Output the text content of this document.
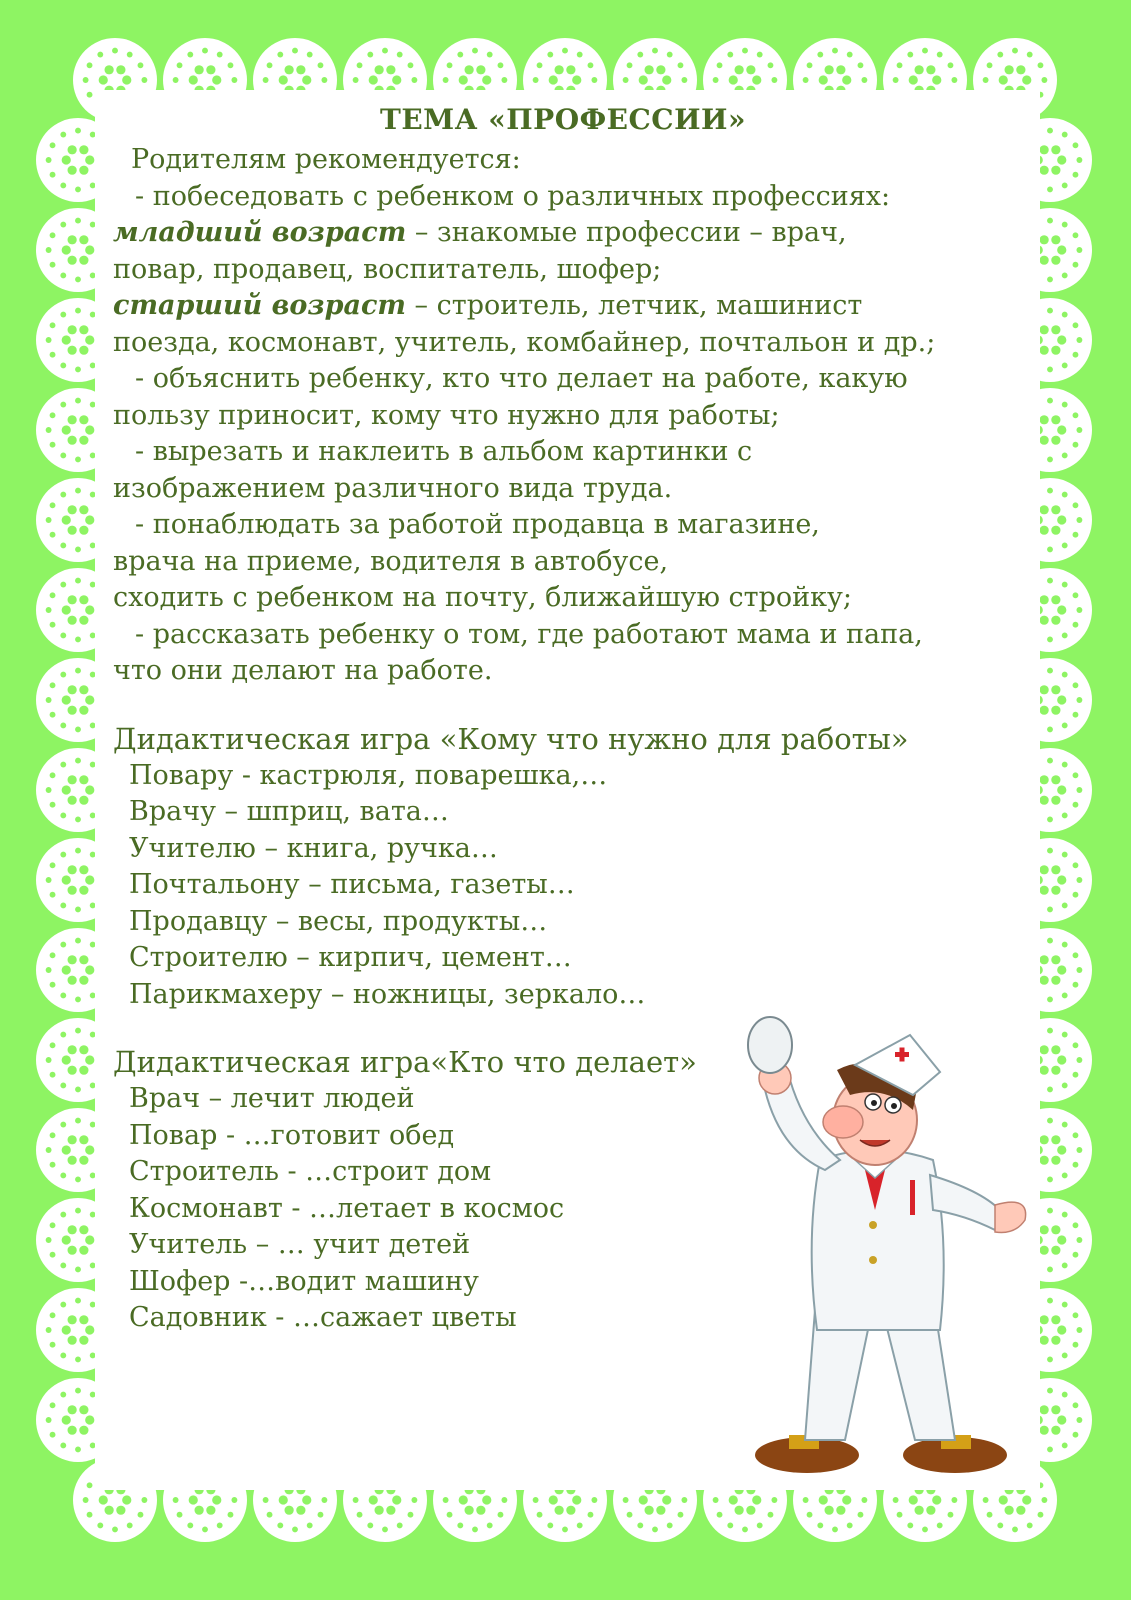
ТЕМА «ПРОФЕССИИ»

Родителям рекомендуется:

- побеседовать с ребенком о различных профессиях:

младший возраст – знакомые профессии – врач,

повар, продавец, воспитатель, шофер;

старший возраст – строитель, летчик, машинист

поезда, космонавт, учитель, комбайнер, почтальон и др.;

- объяснить ребенку, кто что делает на работе, какую

пользу приносит, кому что нужно для работы;

- вырезать и наклеить в альбом картинки с

изображением различного вида труда.

- понаблюдать за работой продавца в магазине,

врача на приеме, водителя в автобусе,

сходить с ребенком на почту, ближайшую стройку;

- рассказать ребенку о том, где работают мама и папа,

что они делают на работе.

Дидактическая игра «Кому что нужно для работы»

Повару - кастрюля, поварешка,…

Врачу – шприц, вата…

Учителю – книга, ручка…

Почтальону – письма, газеты…

Продавцу – весы, продукты…

Строителю – кирпич, цемент…

Парикмахеру – ножницы, зеркало…

Дидактическая игра«Кто что делает»

Врач – лечит людей

Повар - …готовит обед

Строитель - …строит дом

Космонавт - …летает в космос

Учитель – … учит детей

Шофер -…водит машину

Садовник - …сажает цветы
